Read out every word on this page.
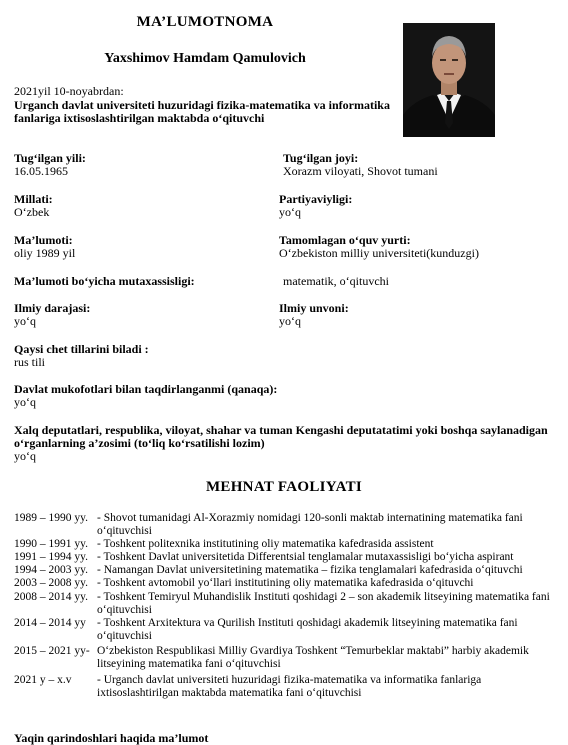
MA’LUMOTNOMA
Yaxshimov Hamdam Qamulovich
2021yil 10-noyabrdan:
Urganch davlat universiteti huzuridagi fizika-matematika va informatika fanlariga ixtisoslashtirilgan maktabda o‘qituvchi
Tug‘ilgan yili:
16.05.1965
Tug‘ilgan joyi:
Xorazm viloyati, Shovot tumani
Millati:
O‘zbek
Partiyaviyligi:
yo‘q
Ma’lumoti:
oliy 1989 yil
Tamomlagan o‘quv yurti:
O‘zbekiston milliy universiteti(kunduzgi)
Ma’lumoti bo‘yicha mutaxassisligi:	matematik, o‘qituvchi
Ilmiy darajasi:
yo‘q
Ilmiy unvoni:
yo‘q
Qaysi chet tillarini biladi :
rus tili
Davlat mukofotlari bilan taqdirlanganmi (qanaqa):
yo‘q
Xalq deputatlari, respublika, viloyat, shahar va tuman Kengashi deputatatimi yoki boshqa saylanadigan o‘rganlarning a’zosimi (to‘liq ko‘rsatilishi lozim)
yo‘q
MEHNAT FAOLIYATI
1989 – 1990 yy. - Shovot tumanidagi Al-Xorazmiy nomidagi 120-sonli maktab internatining matematika fani o‘qituvchisi
1990 – 1991 yy. - Toshkent politexnika institutining oliy matematika kafedrasida assistent
1991 – 1994 yy. - Toshkent Davlat universitetida Differentsial tenglamalar mutaxassisligi bo‘yicha aspirant
1994 – 2003 yy. - Namangan Davlat universitetining matematika – fizika tenglamalari kafedrasida o‘qituvchi
2003 – 2008 yy. - Toshkent avtomobil yo‘llari institutining oliy matematika kafedrasida o‘qituvchi
2008 – 2014 yy. - Toshkent Temiryul Muhandislik Instituti qoshidagi 2 – son akademik litseyining matematika fani o‘qituvchisi
2014 – 2014 yy - Toshkent Arxitektura va Qurilish Instituti qoshidagi akademik litseyining matematika fani o‘qituvchisi
2015 – 2021 yy- O‘zbekiston Respublikasi Milliy Gvardiya Toshkent “Temurbeklar maktabi” harbiy akademik litseyining matematika fani o‘qituvchisi
2021 y – x.v - Urganch davlat universiteti huzuridagi fizika-matematika va informatika fanlariga ixtisoslashtirilgan maktabda matematika fani o‘qituvchisi
Yaqin qarindoshlari haqida ma’lumot
